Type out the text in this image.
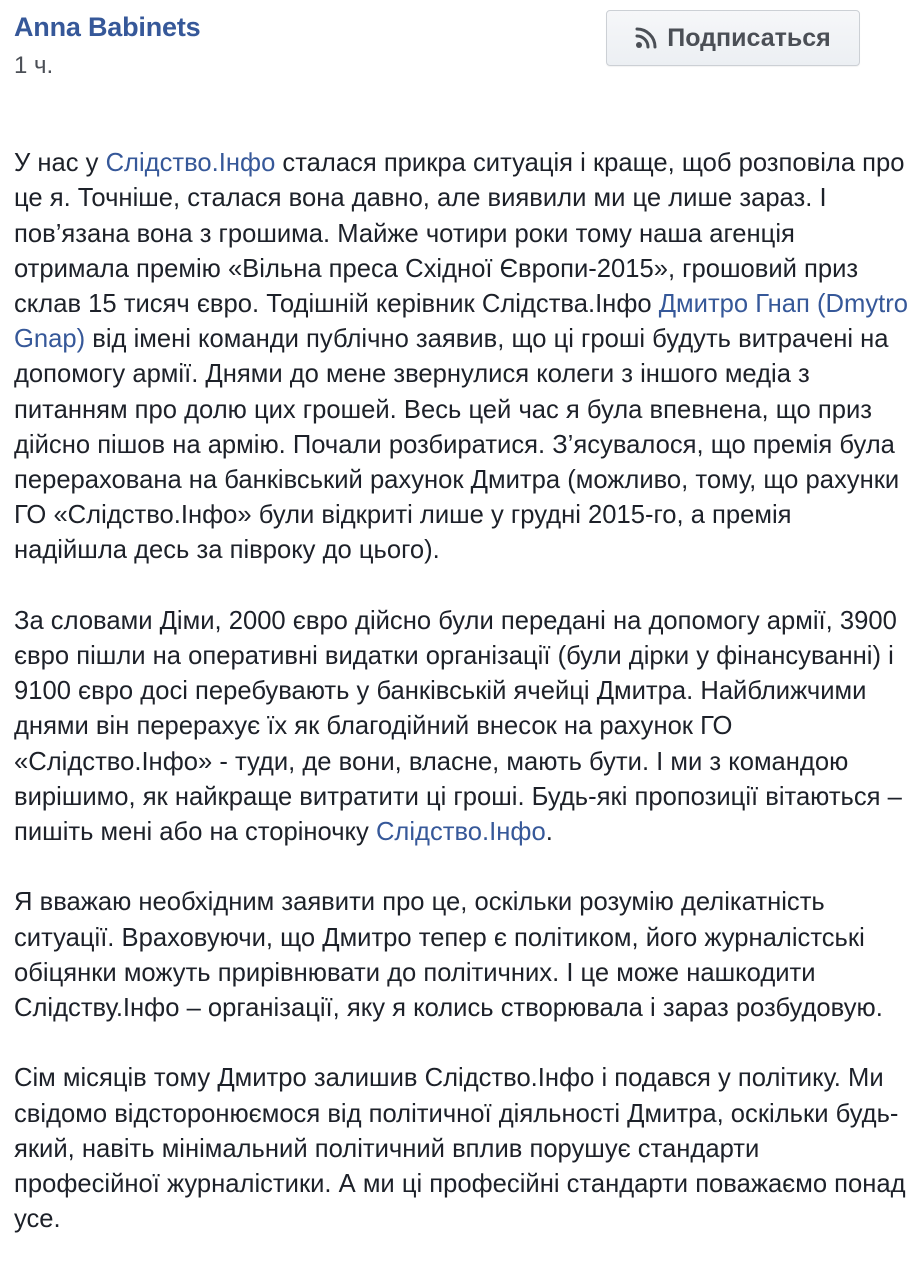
Anna Babinets
1 ч.
Подписаться

У нас у Слідство.Інфо сталася прикра ситуація і краще, щоб розповіла про це я. Точніше, сталася вона давно, але виявили ми це лише зараз. І пов’язана вона з грошима. Майже чотири роки тому наша агенція отримала премію «Вільна преса Східної Європи-2015», грошовий приз склав 15 тисяч євро. Тодішній керівник Слідства.Інфо Дмитро Гнап (Dmytro Gnap) від імені команди публічно заявив, що ці гроші будуть витрачені на допомогу армії. Днями до мене звернулися колеги з іншого медіа з питанням про долю цих грошей. Весь цей час я була впевнена, що приз дійсно пішов на армію. Почали розбиратися. З’ясувалося, що премія була перерахована на банківський рахунок Дмитра (можливо, тому, що рахунки ГО «Слідство.Інфо» були відкриті лише у грудні 2015-го, а премія надійшла десь за півроку до цього).

За словами Діми, 2000 євро дійсно були передані на допомогу армії, 3900 євро пішли на оперативні видатки організації (були дірки у фінансуванні) і 9100 євро досі перебувають у банківській ячейці Дмитра. Найближчими днями він перерахує їх як благодійний внесок на рахунок ГО «Слідство.Інфо» - туди, де вони, власне, мають бути. І ми з командою вирішимо, як найкраще витратити ці гроші. Будь-які пропозиції вітаються – пишіть мені або на сторіночку Слідство.Інфо.

Я вважаю необхідним заявити про це, оскільки розумію делікатність ситуації. Враховуючи, що Дмитро тепер є політиком, його журналістські обіцянки можуть прирівнювати до політичних. І це може нашкодити Слідству.Інфо – організації, яку я колись створювала і зараз розбудовую.

Сім місяців тому Дмитро залишив Слідство.Інфо і подався у політику. Ми свідомо відсторонюємося від політичної діяльності Дмитра, оскільки будь-який, навіть мінімальний політичний вплив порушує стандарти професійної журналістики. А ми ці професійні стандарти поважаємо понад усе.
